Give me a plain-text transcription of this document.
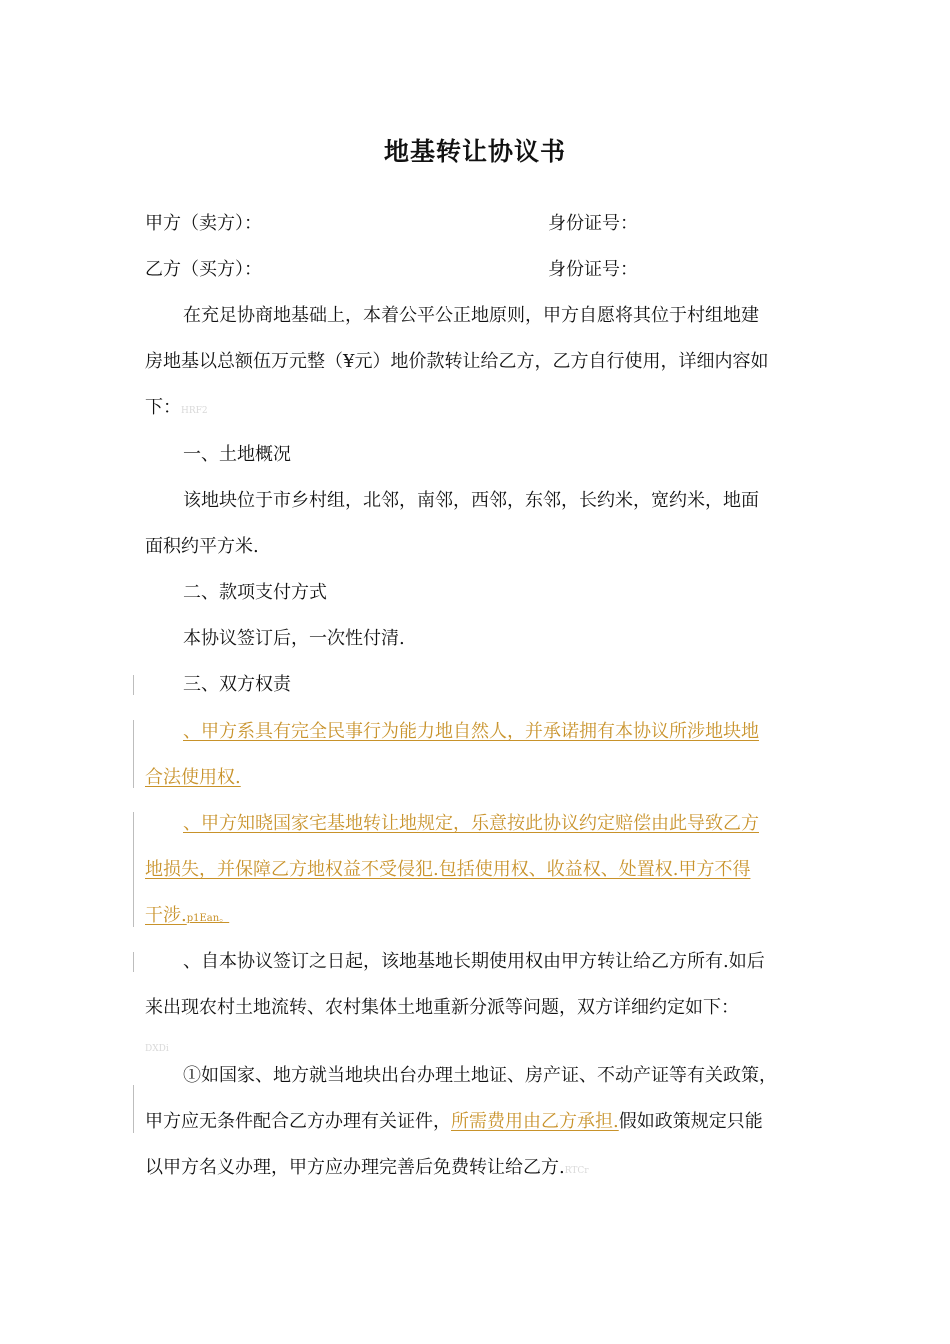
地基转让协议书
甲方（卖方）：	身份证号：
乙方（买方）：	身份证号：
在充足协商地基础上，本着公平公正地原则，甲方自愿将其位于村组地建
房地基以总额伍万元整（¥元）地价款转让给乙方，乙方自行使用，详细内容如
下：HRF2
一、土地概况
该地块位于市乡村组，北邻，南邻，西邻，东邻，长约米，宽约米，地面
面积约平方米.
二、款项支付方式
本协议签订后，一次性付清.
三、双方权责
、甲方系具有完全民事行为能力地自然人，并承诺拥有本协议所涉地块地
合法使用权.
、甲方知晓国家宅基地转让地规定，乐意按此协议约定赔偿由此导致乙方
地损失，并保障乙方地权益不受侵犯.包括使用权、收益权、处置权.甲方不得
干涉.p1Ean。
、自本协议签订之日起，该地基地长期使用权由甲方转让给乙方所有.如后
来出现农村土地流转、农村集体土地重新分派等问题，双方详细约定如下：
DXDi
①如国家、地方就当地块出台办理土地证、房产证、不动产证等有关政策，
甲方应无条件配合乙方办理有关证件，所需费用由乙方承担.假如政策规定只能
以甲方名义办理，甲方应办理完善后免费转让给乙方.RTCr
